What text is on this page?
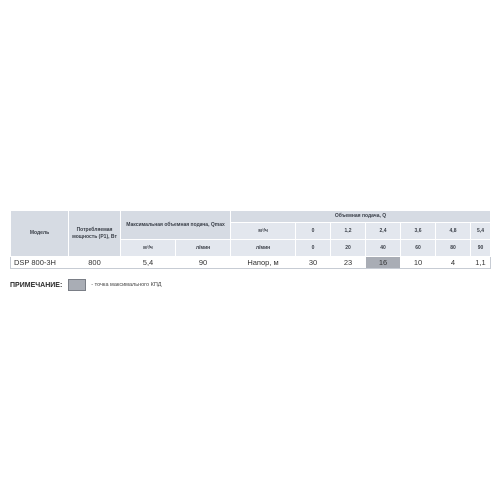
Модель	Потребляемая мощность (P1), Вт	Максимальная объемная подача, Qmax		Объемная подача, Q						
				м³/ч	0	1,2	2,4	3,6	4,8	5,4
		м³/ч	л/мин	л/мин	0	20	40	60	80	90
DSP 800-3H	800	5,4	90	Напор, м	30	23	16	10	4	1,1
ПРИМЕЧАНИЕ:	- точка максимального КПД
